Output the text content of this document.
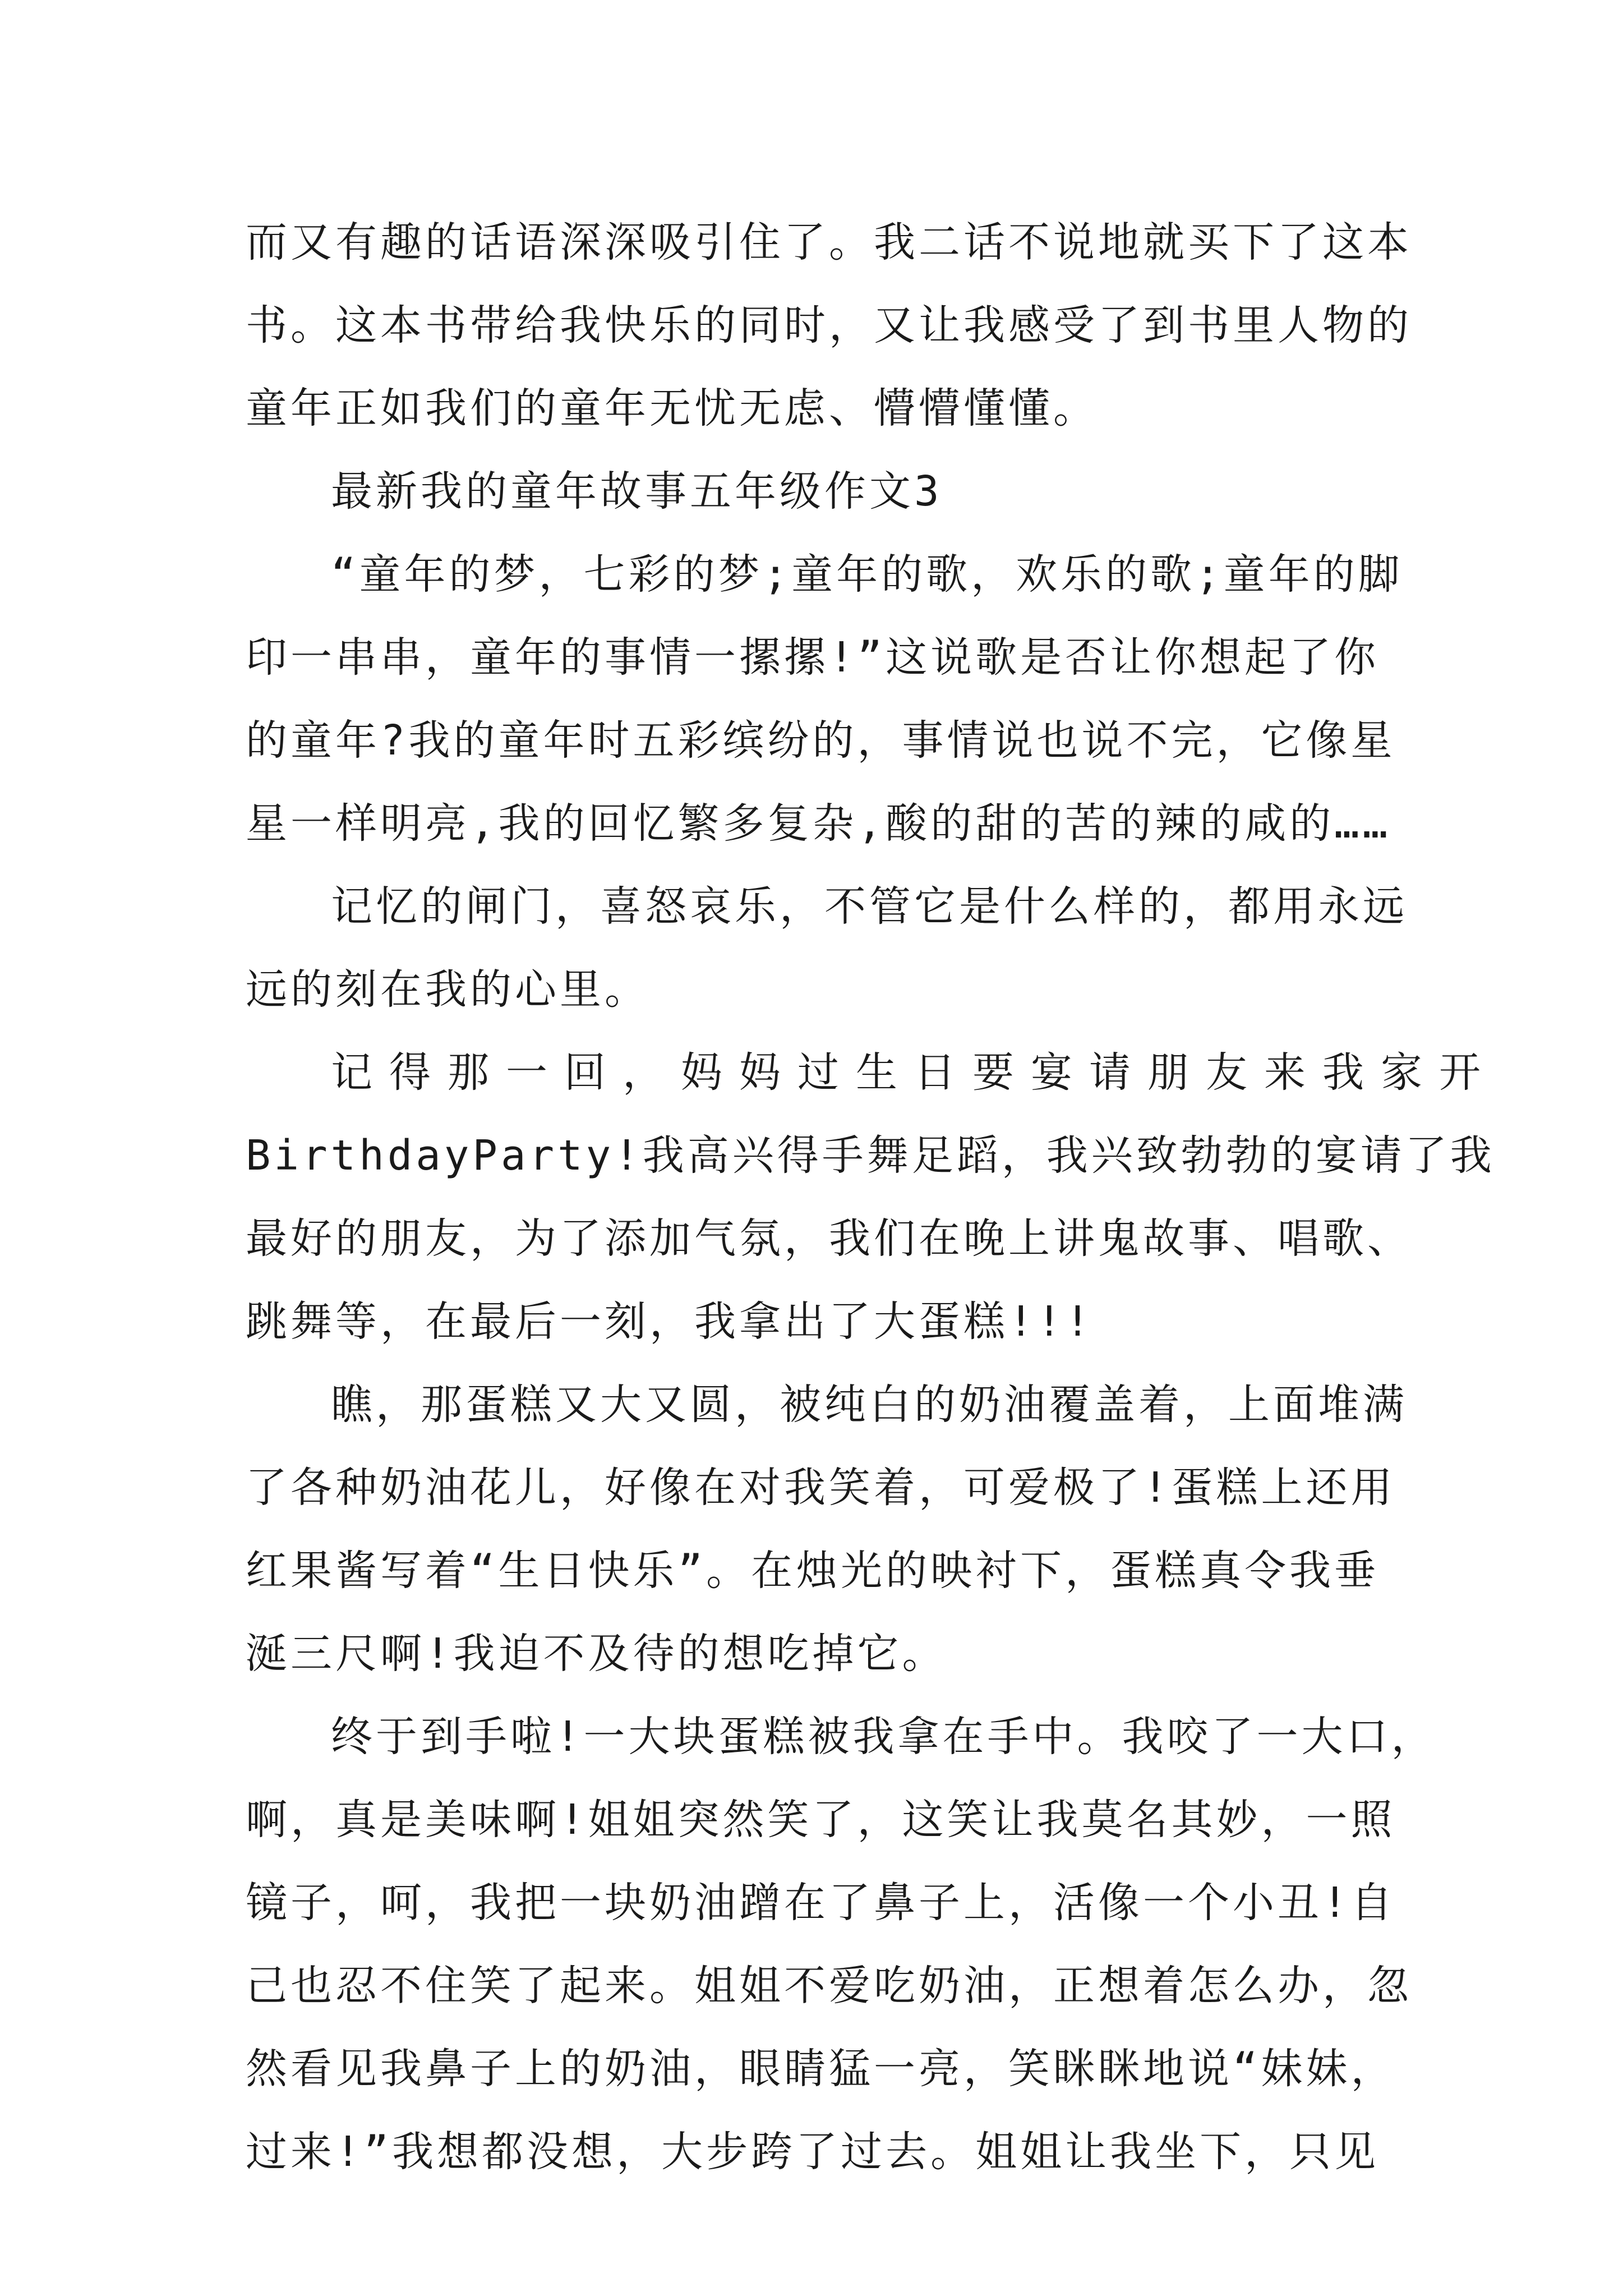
而又有趣的话语深深吸引住了。我二话不说地就买下了这本
书。这本书带给我快乐的同时，又让我感受了到书里人物的
童年正如我们的童年无忧无虑、懵懵懂懂。
最新我的童年故事五年级作文3
“童年的梦，七彩的梦;童年的歌，欢乐的歌;童年的脚
印一串串，童年的事情一摞摞!”这说歌是否让你想起了你
的童年?我的童年时五彩缤纷的，事情说也说不完，它像星
星一样明亮,我的回忆繁多复杂,酸的甜的苦的辣的咸的……
记忆的闸门，喜怒哀乐，不管它是什么样的，都用永远
远的刻在我的心里。
记得那一回，妈妈过生日要宴请朋友来我家开
BirthdayParty!我高兴得手舞足蹈，我兴致勃勃的宴请了我
最好的朋友，为了添加气氛，我们在晚上讲鬼故事、唱歌、
跳舞等，在最后一刻，我拿出了大蛋糕!!!
瞧，那蛋糕又大又圆，被纯白的奶油覆盖着，上面堆满
了各种奶油花儿，好像在对我笑着，可爱极了!蛋糕上还用
红果酱写着“生日快乐”。在烛光的映衬下，蛋糕真令我垂
涎三尺啊!我迫不及待的想吃掉它。
终于到手啦!一大块蛋糕被我拿在手中。我咬了一大口，
啊，真是美味啊!姐姐突然笑了，这笑让我莫名其妙，一照
镜子，呵，我把一块奶油蹭在了鼻子上，活像一个小丑!自
己也忍不住笑了起来。姐姐不爱吃奶油，正想着怎么办，忽
然看见我鼻子上的奶油，眼睛猛一亮，笑眯眯地说“妹妹，
过来!”我想都没想，大步跨了过去。姐姐让我坐下，只见
